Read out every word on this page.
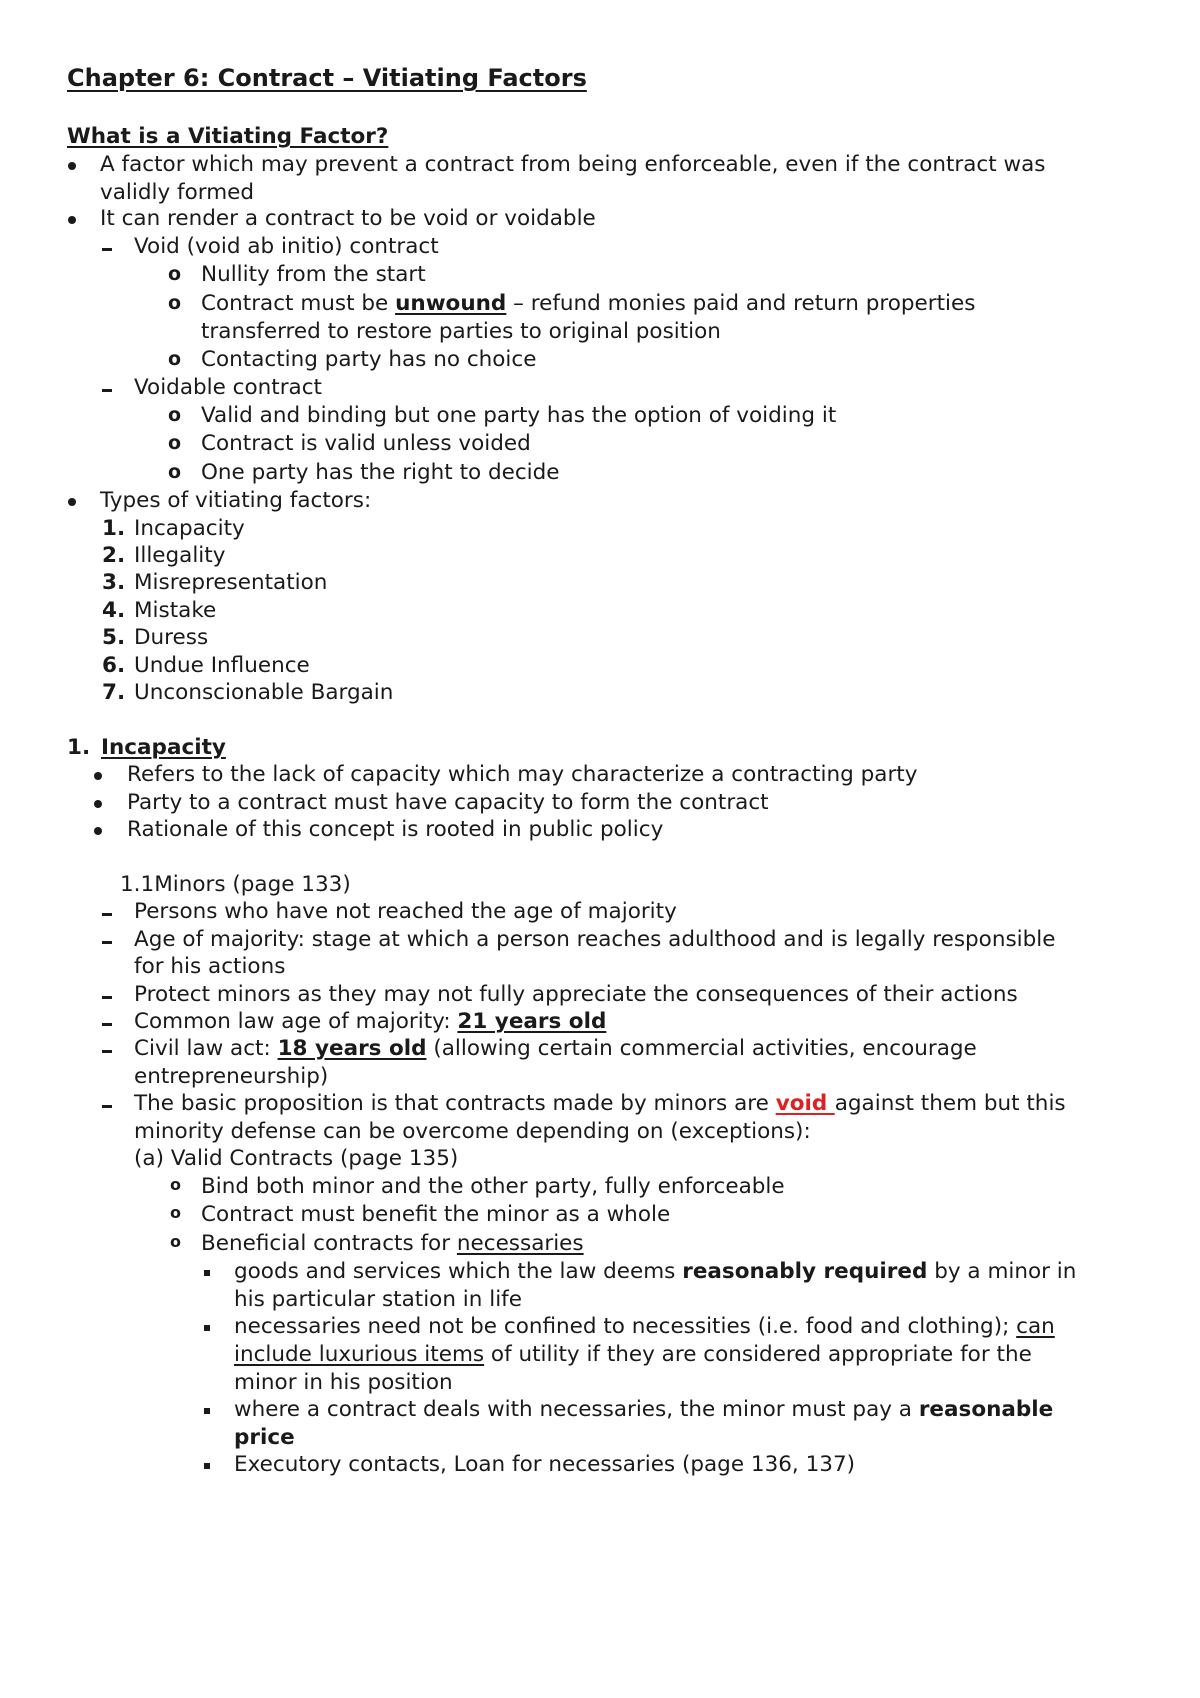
Chapter 6: Contract – Vitiating Factors
What is a Vitiating Factor?
A factor which may prevent a contract from being enforceable, even if the contract was
validly formed
It can render a contract to be void or voidable
Void (void ab initio) contract
o Nullity from the start
o Contract must be unwound – refund monies paid and return properties
transferred to restore parties to original position
o Contacting party has no choice
Voidable contract
o Valid and binding but one party has the option of voiding it
o Contract is valid unless voided
o One party has the right to decide
Types of vitiating factors:
1. Incapacity
2. Illegality
3. Misrepresentation
4. Mistake
5. Duress
6. Undue Influence
7. Unconscionable Bargain
1. Incapacity
Refers to the lack of capacity which may characterize a contracting party
Party to a contract must have capacity to form the contract
Rationale of this concept is rooted in public policy
1.1Minors (page 133)
Persons who have not reached the age of majority
Age of majority: stage at which a person reaches adulthood and is legally responsible
for his actions
Protect minors as they may not fully appreciate the consequences of their actions
Common law age of majority: 21 years old
Civil law act: 18 years old (allowing certain commercial activities, encourage
entrepreneurship)
The basic proposition is that contracts made by minors are void against them but this
minority defense can be overcome depending on (exceptions):
(a) Valid Contracts (page 135)
o Bind both minor and the other party, fully enforceable
o Contract must benefit the minor as a whole
o Beneficial contracts for necessaries
goods and services which the law deems reasonably required by a minor in
his particular station in life
necessaries need not be confined to necessities (i.e. food and clothing); can
include luxurious items of utility if they are considered appropriate for the
minor in his position
where a contract deals with necessaries, the minor must pay a reasonable
price
Executory contacts, Loan for necessaries (page 136, 137)
